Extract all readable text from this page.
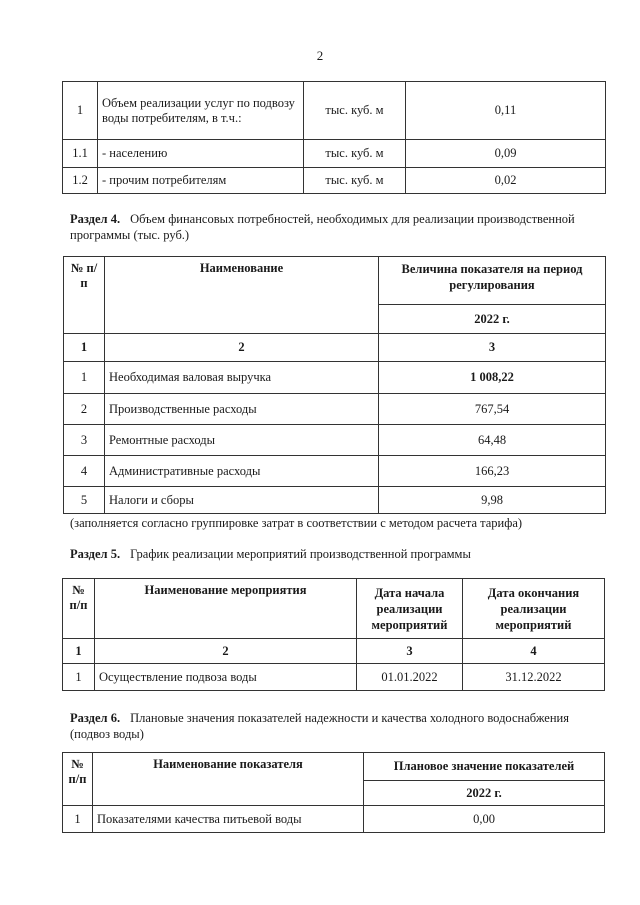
2
1	Объем реализации услуг по подвозу воды потребителям, в т.ч.:	тыс. куб. м	0,11
1.1	- населению	тыс. куб. м	0,09
1.2	- прочим потребителям	тыс. куб. м	0,02
Раздел 4. Объем финансовых потребностей, необходимых для реализации производственной программы (тыс. руб.)
№ п/п	Наименование	Величина показателя на период регулирования
		2022 г.
1	2	3
1	Необходимая валовая выручка	1 008,22
2	Производственные расходы	767,54
3	Ремонтные расходы	64,48
4	Административные расходы	166,23
5	Налоги и сборы	9,98
(заполняется согласно группировке затрат в соответствии с методом расчета тарифа)
Раздел 5. График реализации мероприятий производственной программы
№ п/п	Наименование мероприятия	Дата начала реализации мероприятий	Дата окончания реализации мероприятий
1	2	3	4
1	Осуществление подвоза воды	01.01.2022	31.12.2022
Раздел 6. Плановые значения показателей надежности и качества холодного водоснабжения (подвоз воды)
№ п/п	Наименование показателя	Плановое значение показателей
		2022 г.
1	Показателями качества питьевой воды	0,00
